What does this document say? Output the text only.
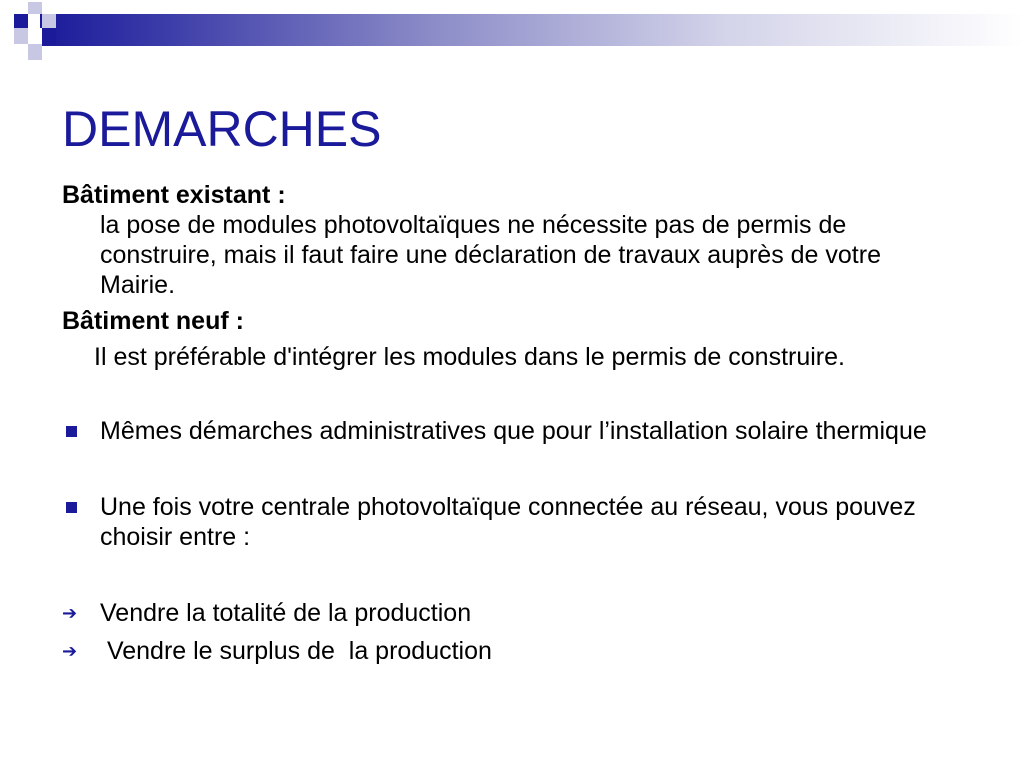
DEMARCHES

Bâtiment existant :

la pose de modules photovoltaïques ne nécessite pas de permis de construire, mais il faut faire une déclaration de travaux auprès de votre Mairie.

Bâtiment neuf :

Il est préférable d'intégrer les modules dans le permis de construire.

Mêmes démarches administratives que pour l’installation solaire thermique
Une fois votre centrale photovoltaïque connectée au réseau, vous pouvez choisir entre :
➔ Vendre la totalité de la production
➔ Vendre le surplus de  la production
